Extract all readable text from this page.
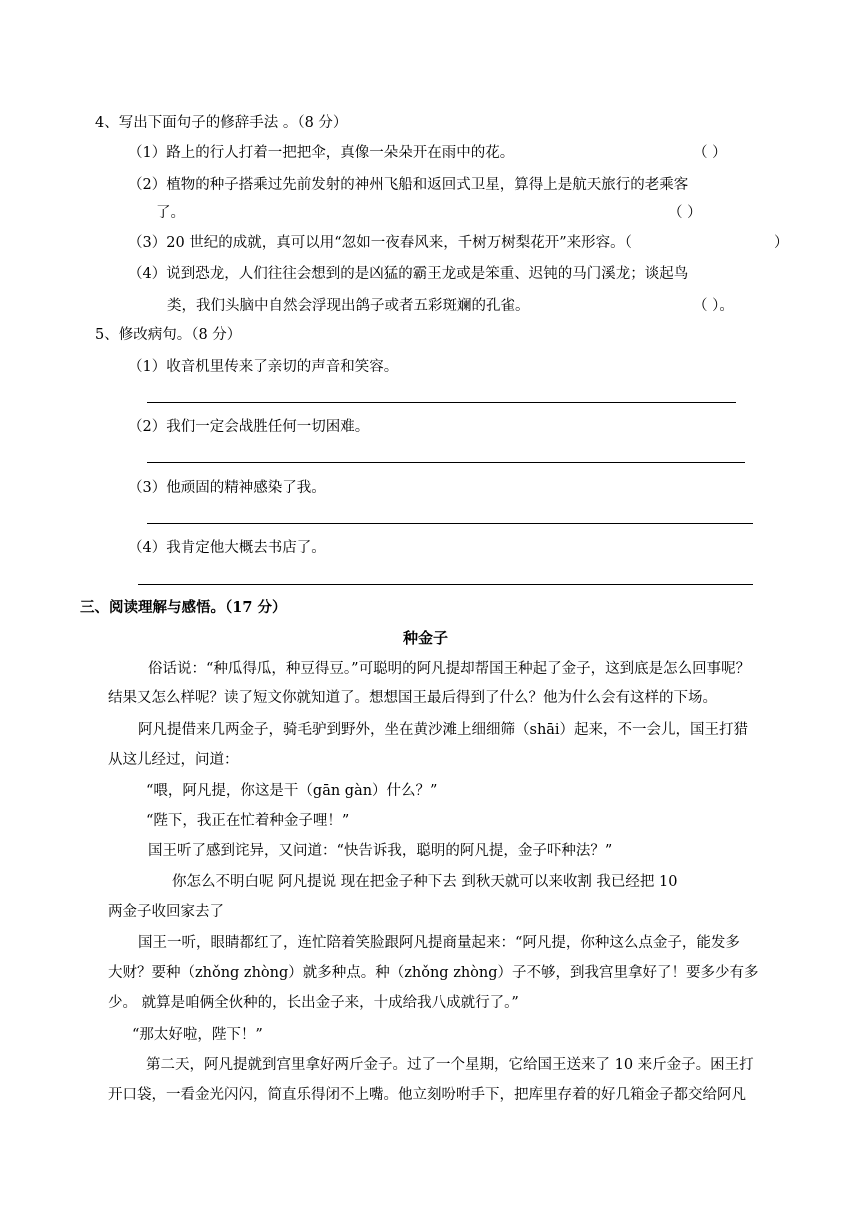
4、写出下面句子的修辞手法 。（8 分）
（1）路上的行人打着一把把伞，真像一朵朵开在雨中的花。	（ ）
（2）植物的种子搭乘过先前发射的神州飞船和返回式卫星，算得上是航天旅行的老乘客
了。	（ ）
（3）20 世纪的成就，真可以用“忽如一夜春风来，千树万树梨花开”来形容。（	）
（4）说到恐龙，人们往往会想到的是凶猛的霸王龙或是笨重、迟钝的马门溪龙；谈起鸟
类，我们头脑中自然会浮现出鸽子或者五彩斑斓的孔雀。	（ ）。
5、修改病句。（8 分）
（1）收音机里传来了亲切的声音和笑容。
（2）我们一定会战胜任何一切困难。
（3）他顽固的精神感染了我。
（4）我肯定他大概去书店了。
三、阅读理解与感悟。（17 分）
种金子
俗话说：“种瓜得瓜，种豆得豆。”可聪明的阿凡提却帮国王种起了金子，这到底是怎么回事呢？
结果又怎么样呢？读了短文你就知道了。想想国王最后得到了什么？他为什么会有这样的下场。
阿凡提借来几两金子，骑毛驴到野外，坐在黄沙滩上细细筛（shāi）起来，不一会儿，国王打猎
从这儿经过，问道：
“喂，阿凡提，你这是干（gān gàn）什么？”
“陛下，我正在忙着种金子哩！”
国王听了感到诧异，又问道：“快告诉我，聪明的阿凡提，金子吓种法？”
你怎么不明白呢 阿凡提说 现在把金子种下去 到秋天就可以来收割 我已经把 10
两金子收回家去了
国王一听，眼睛都红了，连忙陪着笑脸跟阿凡提商量起来：“阿凡提，你种这么点金子，能发多
大财？要种（zhǒng zhòng）就多种点。种（zhǒng zhòng）子不够，到我宫里拿好了！要多少有多
少。 就算是咱俩全伙种的，长出金子来，十成给我八成就行了。”
“那太好啦，陛下！”
第二天，阿凡提就到宫里拿好两斤金子。过了一个星期，它给国王送来了 10 来斤金子。困王打
开口袋，一看金光闪闪，简直乐得闭不上嘴。他立刻吩咐手下，把库里存着的好几箱金子都交给阿凡
